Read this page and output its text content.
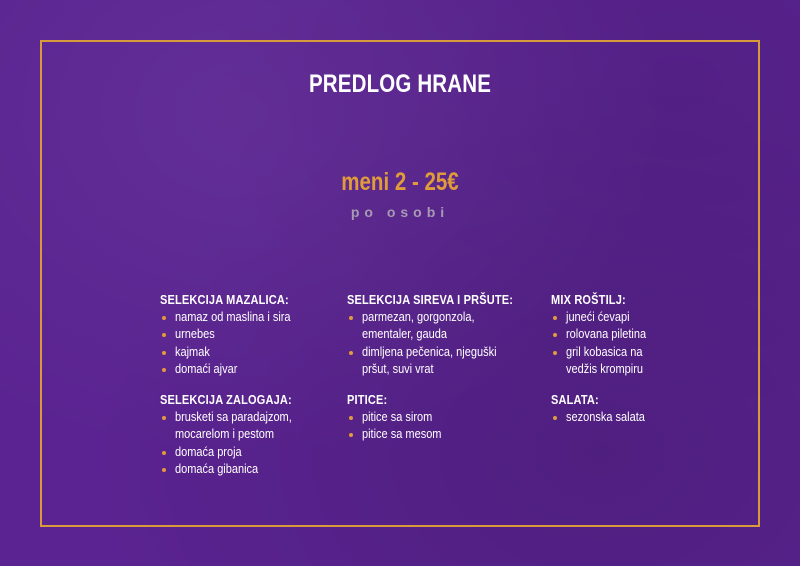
PREDLOG HRANE
meni 2 - 25€
po osobi
SELEKCIJA MAZALICA:
namaz od maslina i sira
urnebes
kajmak
domaći ajvar
SELEKCIJA ZALOGAJA:
brusketi sa paradajzom,
mocarelom i pestom
domaća proja
domaća gibanica
SELEKCIJA SIREVA I PRŠUTE:
parmezan, gorgonzola,
ementaler, gauda
dimljena pečenica, njeguški
pršut, suvi vrat
PITICE:
pitice sa sirom
pitice sa mesom
MIX ROŠTILJ:
juneći ćevapi
rolovana piletina
gril kobasica na
vedžis krompiru
SALATA:
sezonska salata
